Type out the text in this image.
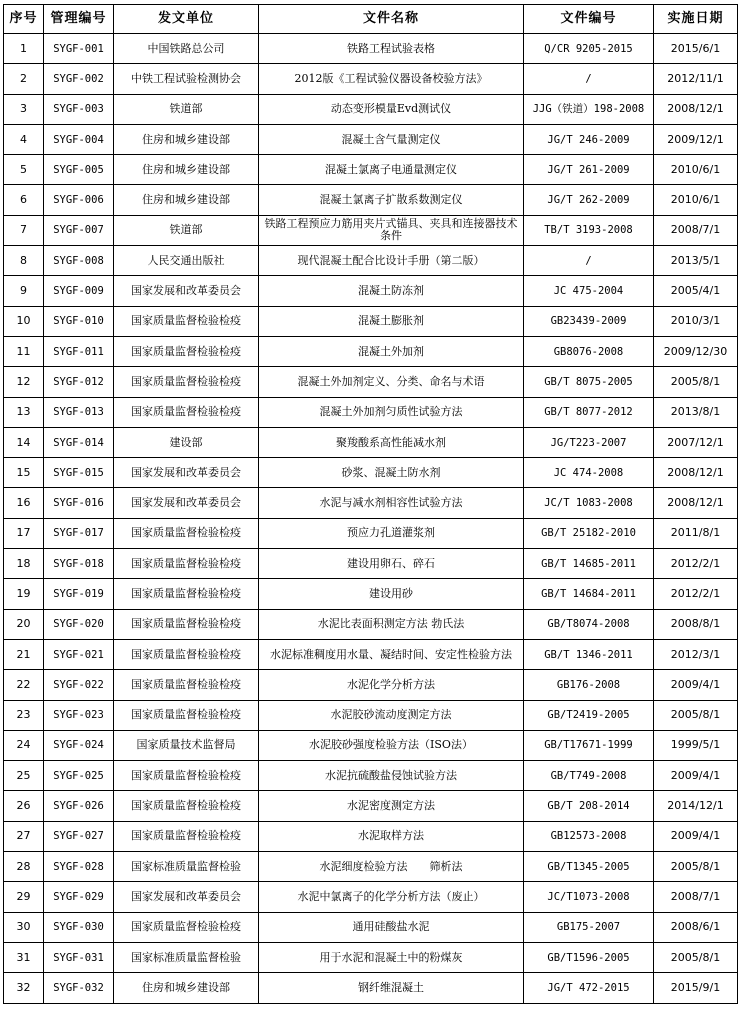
序号	管理编号	发文单位	文件名称	文件编号	实施日期
1	SYGF-001	中国铁路总公司	铁路工程试验表格	Q/CR 9205-2015	2015/6/1
2	SYGF-002	中铁工程试验检测协会	2012版《工程试验仪器设备校验方法》	/	2012/11/1
3	SYGF-003	铁道部	动态变形模量Evd测试仪	JJG（铁道）198-2008	2008/12/1
4	SYGF-004	住房和城乡建设部	混凝土含气量测定仪	JG/T 246-2009	2009/12/1
5	SYGF-005	住房和城乡建设部	混凝土氯离子电通量测定仪	JG/T 261-2009	2010/6/1
6	SYGF-006	住房和城乡建设部	混凝土氯离子扩散系数测定仪	JG/T 262-2009	2010/6/1
7	SYGF-007	铁道部	铁路工程预应力筋用夹片式锚具、夹具和连接器技术条件	TB/T 3193-2008	2008/7/1
8	SYGF-008	人民交通出版社	现代混凝土配合比设计手册（第二版）	/	2013/5/1
9	SYGF-009	国家发展和改革委员会	混凝土防冻剂	JC 475-2004	2005/4/1
10	SYGF-010	国家质量监督检验检疫	混凝土膨胀剂	GB23439-2009	2010/3/1
11	SYGF-011	国家质量监督检验检疫	混凝土外加剂	GB8076-2008	2009/12/30
12	SYGF-012	国家质量监督检验检疫	混凝土外加剂定义、分类、命名与术语	GB/T 8075-2005	2005/8/1
13	SYGF-013	国家质量监督检验检疫	混凝土外加剂匀质性试验方法	GB/T 8077-2012	2013/8/1
14	SYGF-014	建设部	聚羧酸系高性能减水剂	JG/T223-2007	2007/12/1
15	SYGF-015	国家发展和改革委员会	砂浆、混凝土防水剂	JC 474-2008	2008/12/1
16	SYGF-016	国家发展和改革委员会	水泥与减水剂相容性试验方法	JC/T 1083-2008	2008/12/1
17	SYGF-017	国家质量监督检验检疫	预应力孔道灌浆剂	GB/T 25182-2010	2011/8/1
18	SYGF-018	国家质量监督检验检疫	建设用卵石、碎石	GB/T 14685-2011	2012/2/1
19	SYGF-019	国家质量监督检验检疫	建设用砂	GB/T 14684-2011	2012/2/1
20	SYGF-020	国家质量监督检验检疫	水泥比表面积测定方法 勃氏法	GB/T8074-2008	2008/8/1
21	SYGF-021	国家质量监督检验检疫	水泥标准稠度用水量、凝结时间、安定性检验方法	GB/T 1346-2011	2012/3/1
22	SYGF-022	国家质量监督检验检疫	水泥化学分析方法	GB176-2008	2009/4/1
23	SYGF-023	国家质量监督检验检疫	水泥胶砂流动度测定方法	GB/T2419-2005	2005/8/1
24	SYGF-024	国家质量技术监督局	水泥胶砂强度检验方法（ISO法）	GB/T17671-1999	1999/5/1
25	SYGF-025	国家质量监督检验检疫	水泥抗硫酸盐侵蚀试验方法	GB/T749-2008	2009/4/1
26	SYGF-026	国家质量监督检验检疫	水泥密度测定方法	GB/T 208-2014	2014/12/1
27	SYGF-027	国家质量监督检验检疫	水泥取样方法	GB12573-2008	2009/4/1
28	SYGF-028	国家标准质量监督检验	水泥细度检验方法　　筛析法	GB/T1345-2005	2005/8/1
29	SYGF-029	国家发展和改革委员会	水泥中氯离子的化学分析方法（废止）	JC/T1073-2008	2008/7/1
30	SYGF-030	国家质量监督检验检疫	通用硅酸盐水泥	GB175-2007	2008/6/1
31	SYGF-031	国家标准质量监督检验	用于水泥和混凝土中的粉煤灰	GB/T1596-2005	2005/8/1
32	SYGF-032	住房和城乡建设部	钢纤维混凝土	JG/T 472-2015	2015/9/1
